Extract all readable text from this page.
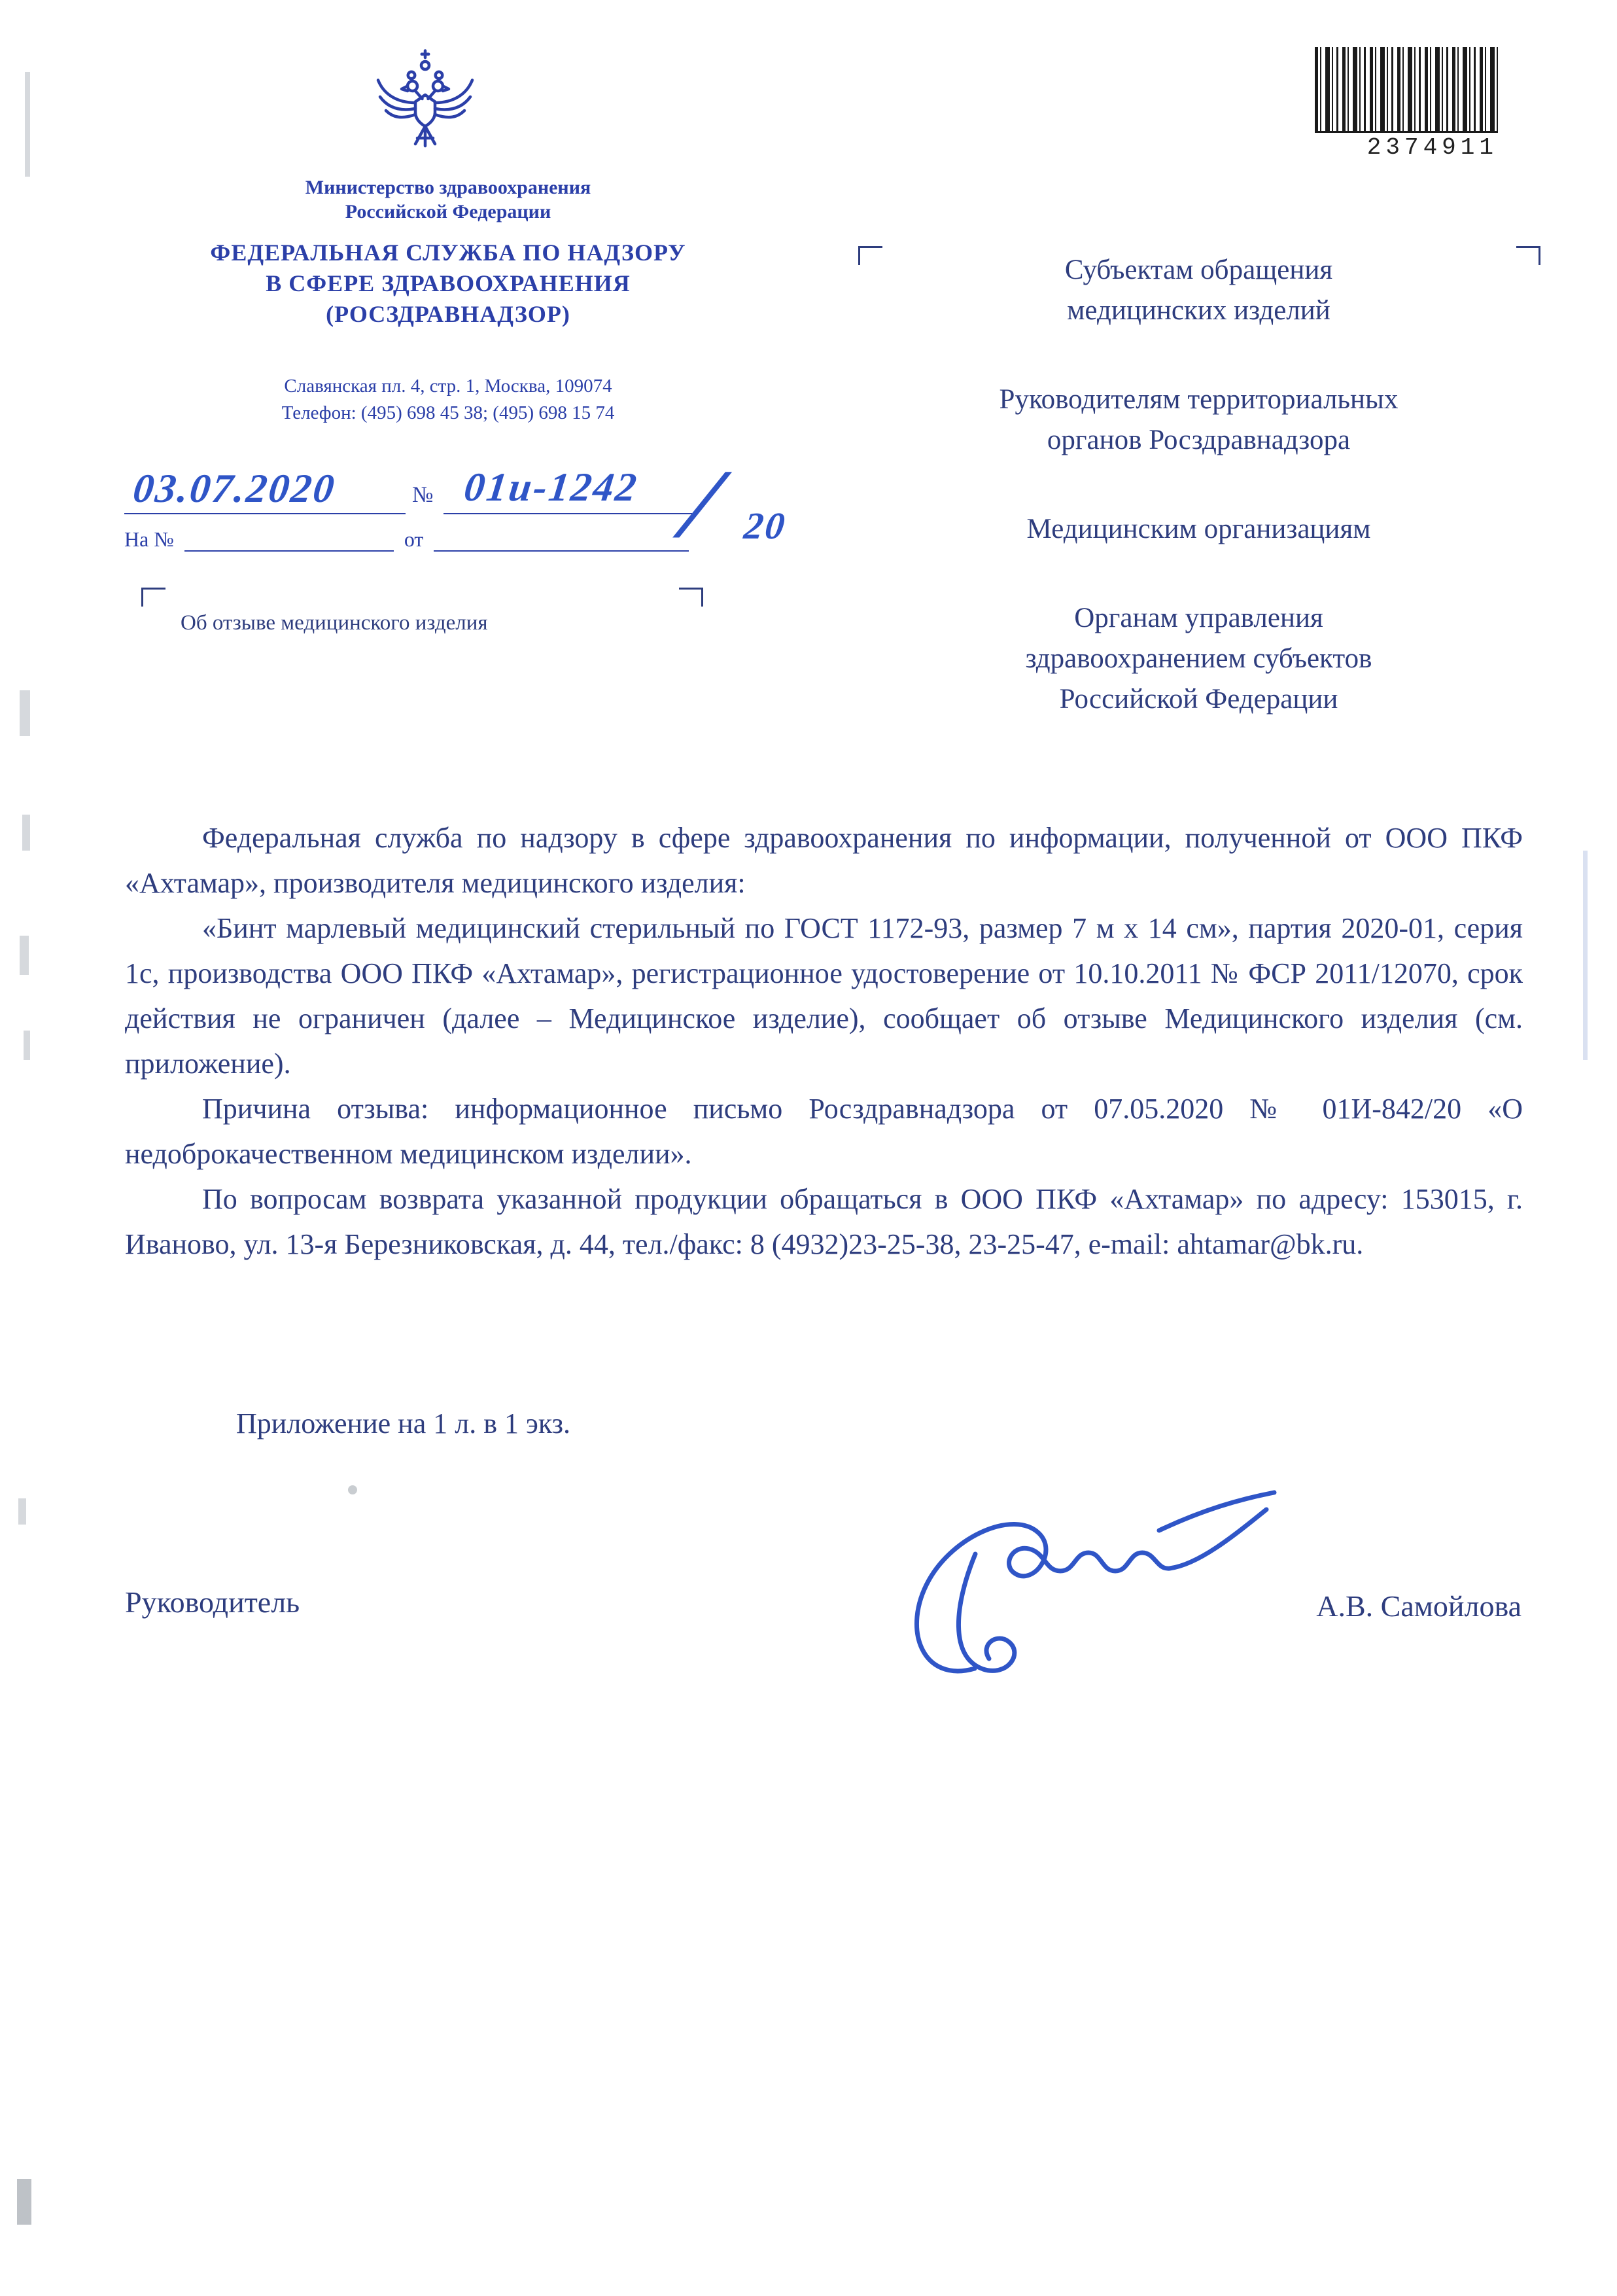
Министерство здравоохранения
Российской Федерации
ФЕДЕРАЛЬНАЯ СЛУЖБА ПО НАДЗОРУ
В СФЕРЕ ЗДРАВООХРАНЕНИЯ
(РОСЗДРАВНАДЗОР)
Славянская пл. 4, стр. 1, Москва, 109074
Телефон: (495) 698 45 38; (495) 698 15 74
№
03.07.2020	01и-1242 / 20
На №	от
Об отзыве медицинского изделия
2374911
Субъектам обращения
медицинских изделий
Руководителям территориальных
органов Росздравнадзора
Медицинским организациям
Органам управления
здравоохранением субъектов
Российской Федерации

Федеральная служба по надзору в сфере здравоохранения по информации, полученной от ООО ПКФ «Ахтамар», производителя медицинского изделия:

«Бинт марлевый медицинский стерильный по ГОСТ 1172-93, размер 7 м х 14 см», партия 2020-01, серия 1с, производства ООО ПКФ «Ахтамар», регистрационное удостоверение от 10.10.2011 № ФСР 2011/12070, срок действия не ограничен (далее – Медицинское изделие), сообщает об отзыве Медицинского изделия (см. приложение).

Причина отзыва: информационное письмо Росздравнадзора от 07.05.2020 № 01И-842/20 «О недоброкачественном медицинском изделии».

По вопросам возврата указанной продукции обращаться в ООО ПКФ «Ахтамар» по адресу: 153015, г. Иваново, ул. 13-я Березниковская, д. 44, тел./факс: 8 (4932)23-25-38, 23-25-47, e-mail: ahtamar@bk.ru.

Приложение на 1 л. в 1 экз.
Руководитель	А.В. Самойлова
